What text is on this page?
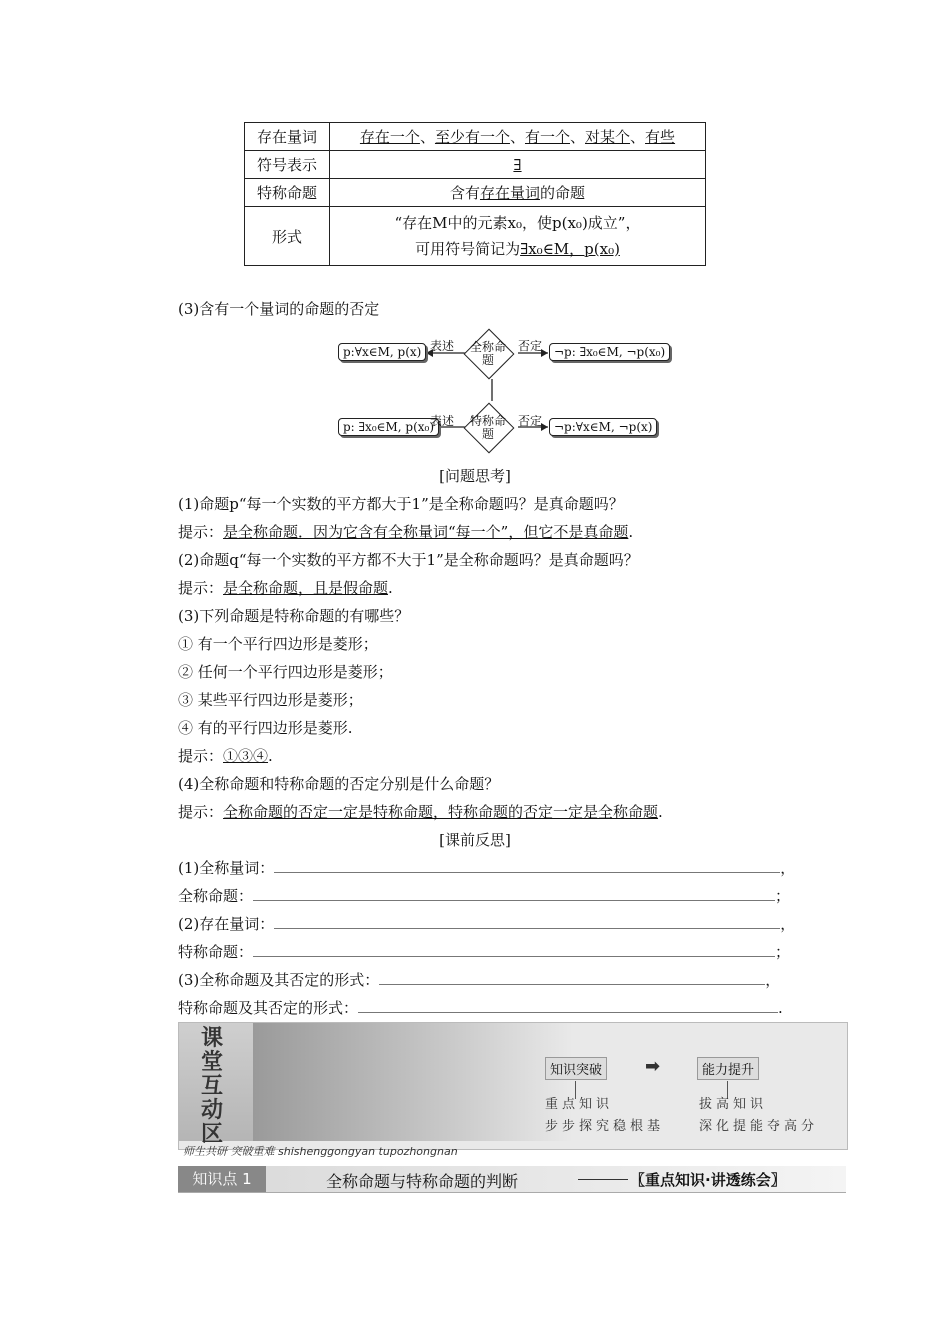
存在量词	存在一个、至少有一个、有一个、对某个、有些
符号表示	∃
特称命题	含有存在量词的命题
形式	“存在M中的元素x₀，使p(x₀)成立”，
可用符号简记为∃x₀∈M，p(x₀)
(3)含有一个量词的命题的否定
p:∀x∈M, p(x)	¬p: ∃x₀∈M, ¬p(x₀)
p: ∃x₀∈M, p(x₀)	¬p:∀x∈M, ¬p(x)
全称命题
特称命题
表述	否定
表述	否定
[问题思考]
(1)命题p“每一个实数的平方都大于1”是全称命题吗？是真命题吗？
提示：是全称命题．因为它含有全称量词“每一个”，但它不是真命题.
(2)命题q“每一个实数的平方都不大于1”是全称命题吗？是真命题吗？
提示：是全称命题，且是假命题.
(3)下列命题是特称命题的有哪些？
① 有一个平行四边形是菱形；
② 任何一个平行四边形是菱形；
③ 某些平行四边形是菱形；
④ 有的平行四边形是菱形.
提示：①③④.
(4)全称命题和特称命题的否定分别是什么命题？
提示：全称命题的否定一定是特称命题，特称命题的否定一定是全称命题.
[课前反思]
(1)全称量词：	，
全称命题：	；
(2)存在量词：	，
特称命题：	；
(3)全称命题及其否定的形式：	，
特称命题及其否定的形式：	.
课堂互动区
师生共研 突破重难 shishenggongyan tupozhongnan
知识突破 ➡	能力提升
重点知识
步步探究稳根基
拔高知识
深化提能夺高分
知识点 1	全称命题与特称命题的判断	〖重点知识·讲透练会〗
